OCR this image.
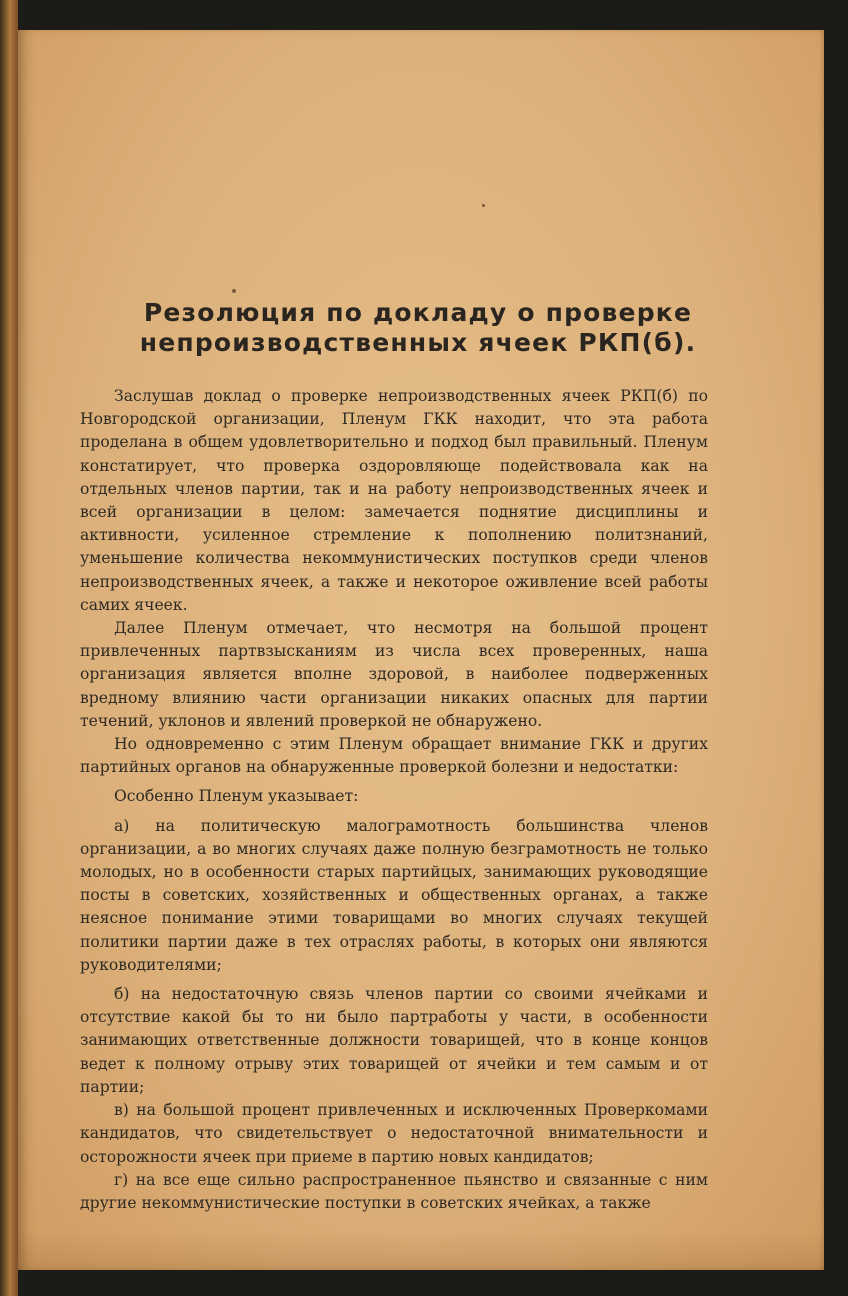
Резолюция по докладу о проверке
непроизводственных ячеек РКП(б).

Заслушав доклад о проверке непроизводственных ячеек РКП(б) по Новгородской организации, Пленум ГКК находит, что эта работа проделана в общем удовлетворительно и подход был правильный. Пленум констатирует, что проверка оздоровляюще подействовала как на отдельных членов партии, так и на работу непроизводственных ячеек и всей организации в целом: замечается поднятие дисциплины и активности, усиленное стремление к пополнению политзнаний, уменьшение количества некоммунистических поступков среди членов непроизводственных ячеек, а также и некоторое оживление всей работы самих ячеек.

Далее Пленум отмечает, что несмотря на большой процент привлеченных партвзысканиям из числа всех проверенных, наша организация является вполне здоровой, в наиболее подверженных вредному влиянию части организации никаких опасных для партии течений, уклонов и явлений проверкой не обнаружено.

Но одновременно с этим Пленум обращает внимание ГКК и других партийных органов на обнаруженные проверкой болезни и недостатки:

Особенно Пленум указывает:

а) на политическую малограмотность большинства членов организации, а во многих случаях даже полную безграмотность не только молодых, но в особенности старых партийцых, занимающих руководящие посты в советских, хозяйственных и общественных органах, а также неясное понимание этими товарищами во многих случаях текущей политики партии даже в тех отраслях работы, в которых они являются руководителями;

б) на недостаточную связь членов партии со своими ячейками и отсутствие какой бы то ни было партработы у части, в особенности занимающих ответственные должности товарищей, что в конце концов ведет к полному отрыву этих товарищей от ячейки и тем самым и от партии;

в) на большой процент привлеченных и исключенных Проверкомами кандидатов, что свидетельствует о недостаточной внимательности и осторожности ячеек при приеме в партию новых кандидатов;

г) на все еще сильно распространенное пьянство и связанные с ним другие некоммунистические поступки в советских ячейках, а также
